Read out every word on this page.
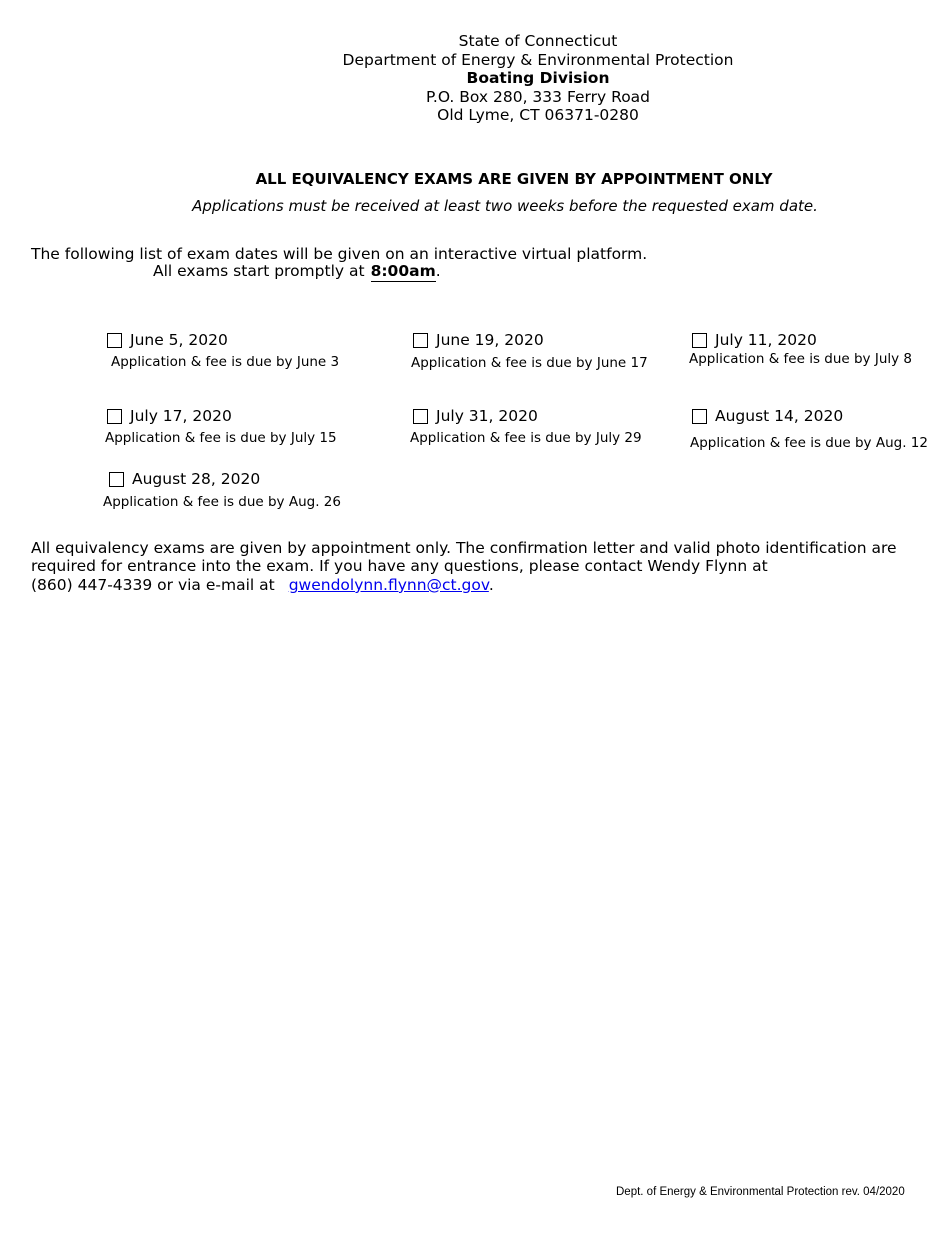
State of Connecticut
Department of Energy & Environmental Protection
Boating Division
P.O. Box 280, 333 Ferry Road
Old Lyme, CT 06371-0280
ALL EQUIVALENCY EXAMS ARE GIVEN BY APPOINTMENT ONLY
Applications must be received at least two weeks before the requested exam date.
The following list of exam dates will be given on an interactive virtual platform.
All exams start promptly at 8:00am.
June 5, 2020
Application & fee is due by June 3
June 19, 2020
Application & fee is due by June 17
July 11, 2020
Application & fee is due by July 8
July 17, 2020
Application & fee is due by July 15
July 31, 2020
Application & fee is due by July 29
August 14, 2020
Application & fee is due by Aug. 12
August 28, 2020
Application & fee is due by Aug. 26
All equivalency exams are given by appointment only. The confirmation letter and valid photo identification are
required for entrance into the exam. If you have any questions, please contact Wendy Flynn at
(860) 447-4339 or via e-mail at gwendolynn.flynn@ct.gov.
Dept. of Energy & Environmental Protection rev. 04/2020
